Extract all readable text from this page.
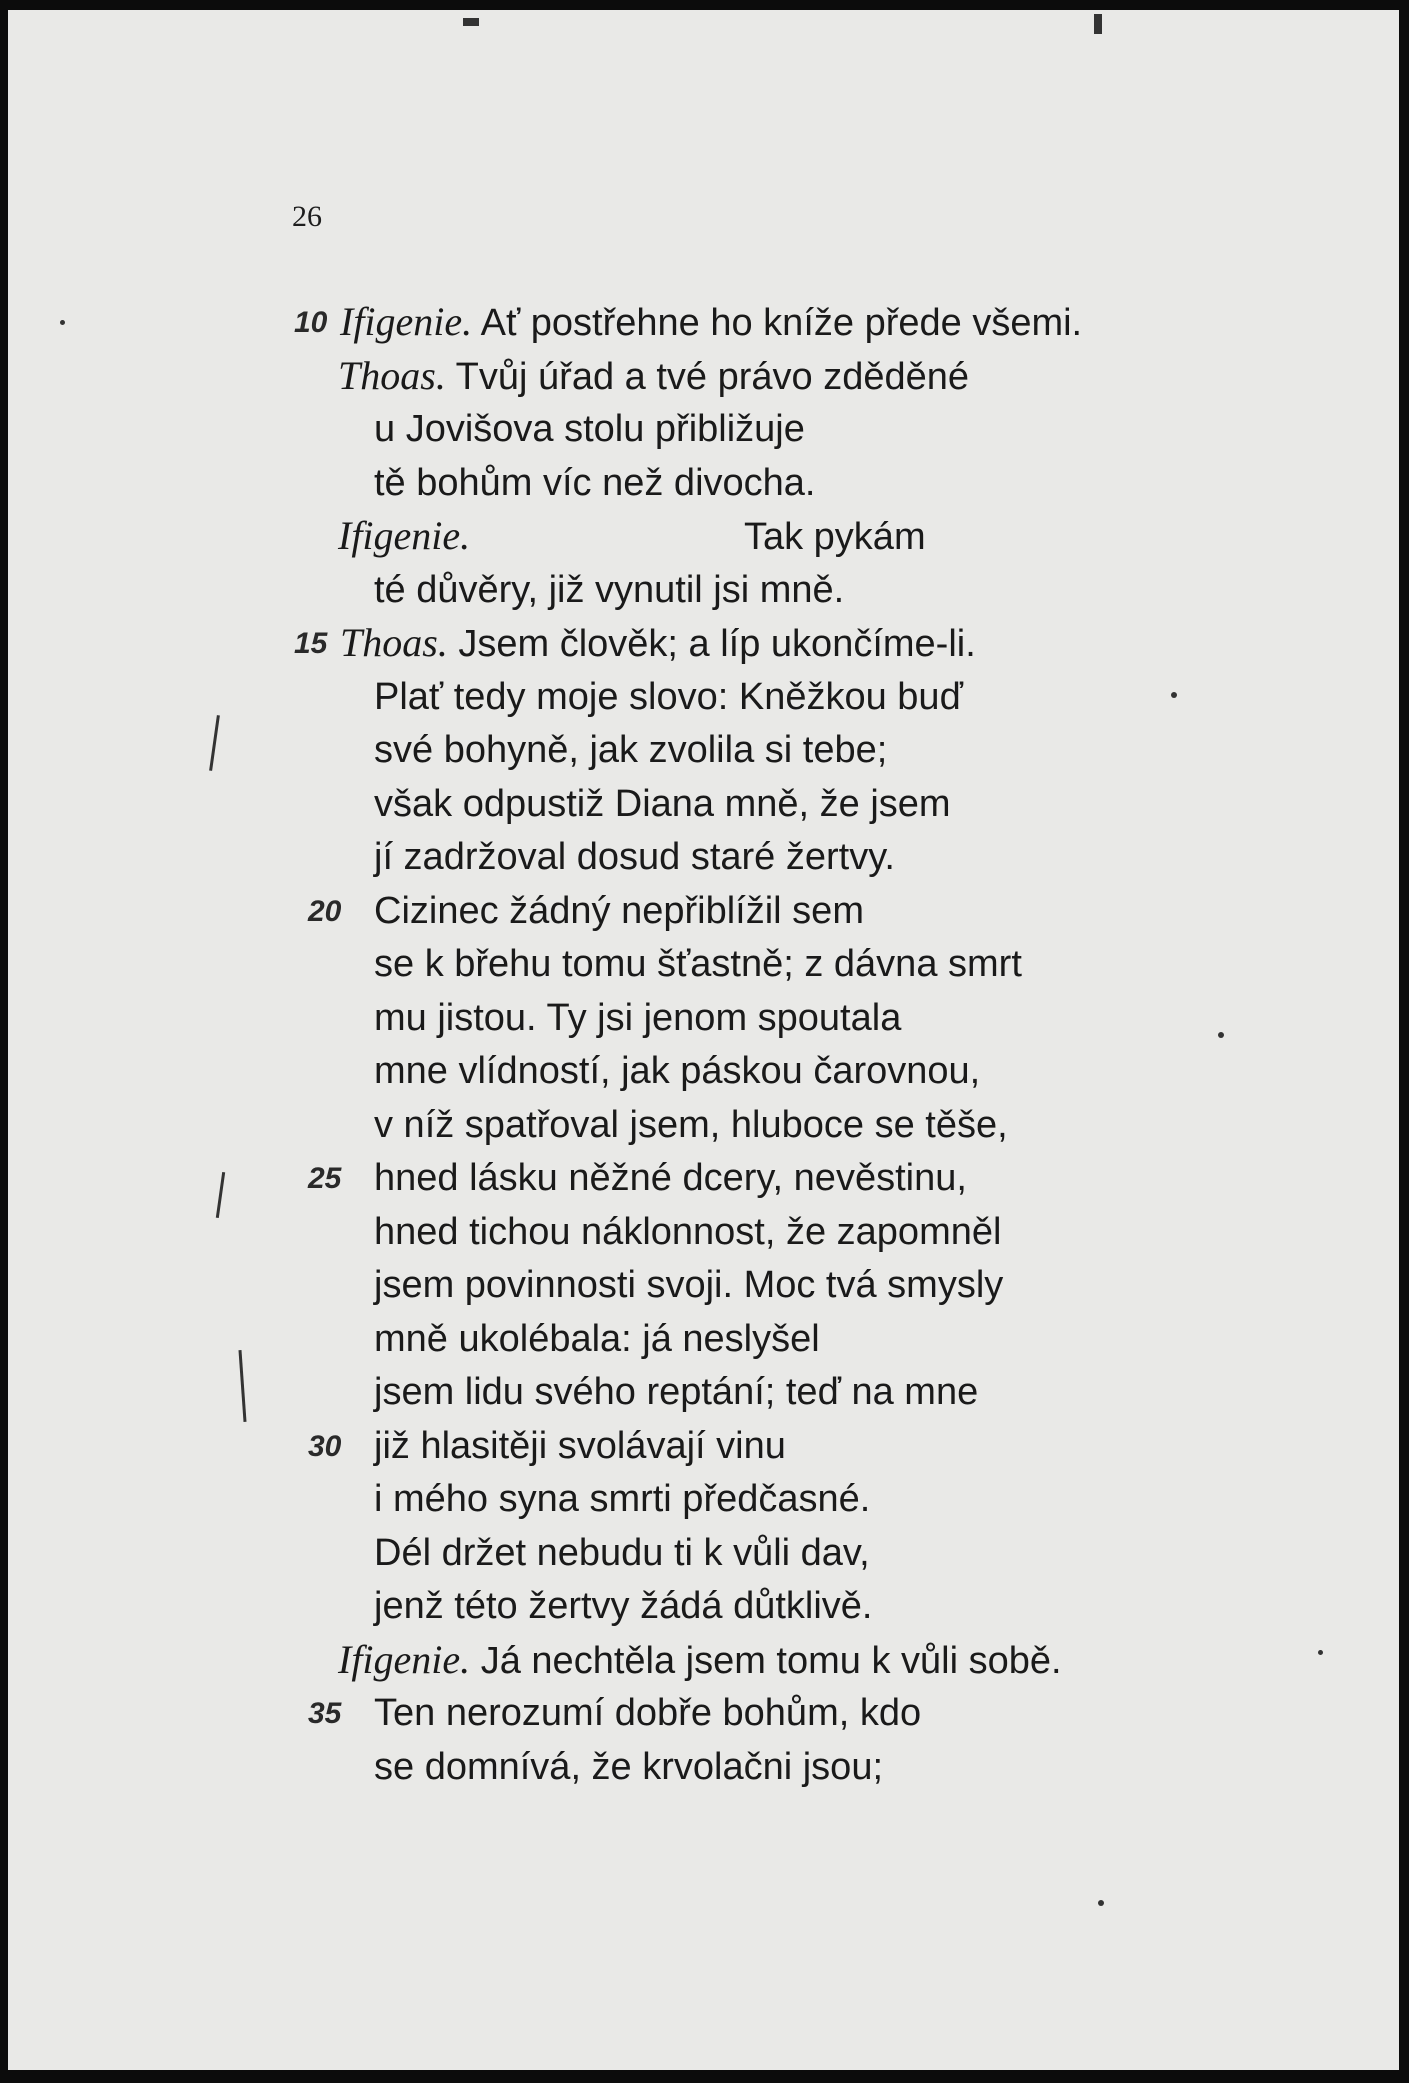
26
Ifigenie. Ať postřehne ho kníže přede všemi.
10
Thoas. Tvůj úřad a tvé právo zděděné
u Jovišova stolu přibližuje
tě bohům víc než divocha.
Ifigenie.                          Tak pykám
té důvěry, již vynutil jsi mně.
Thoas. Jsem člověk; a líp ukončíme-li.
15
Plať tedy moje slovo: Kněžkou buď
své bohyně, jak zvolila si tebe;
však odpustiž Diana mně, že jsem
jí zadržoval dosud staré žertvy.
Cizinec žádný nepřiblížil sem
20
se k břehu tomu šťastně; z dávna smrt
mu jistou. Ty jsi jenom spoutala
mne vlídností, jak páskou čarovnou,
v níž spatřoval jsem, hluboce se těše,
hned lásku něžné dcery, nevěstinu,
25
hned tichou náklonnost, že zapomněl
jsem povinnosti svoji. Moc tvá smysly
mně ukolébala: já neslyšel
jsem lidu svého reptání; teď na mne
již hlasitěji svolávají vinu
30
i mého syna smrti předčasné.
Dél držet nebudu ti k vůli dav,
jenž této žertvy žádá důtklivě.
Ifigenie. Já nechtěla jsem tomu k vůli sobě.
Ten nerozumí dobře bohům, kdo
35
se domnívá, že krvolačni jsou;
